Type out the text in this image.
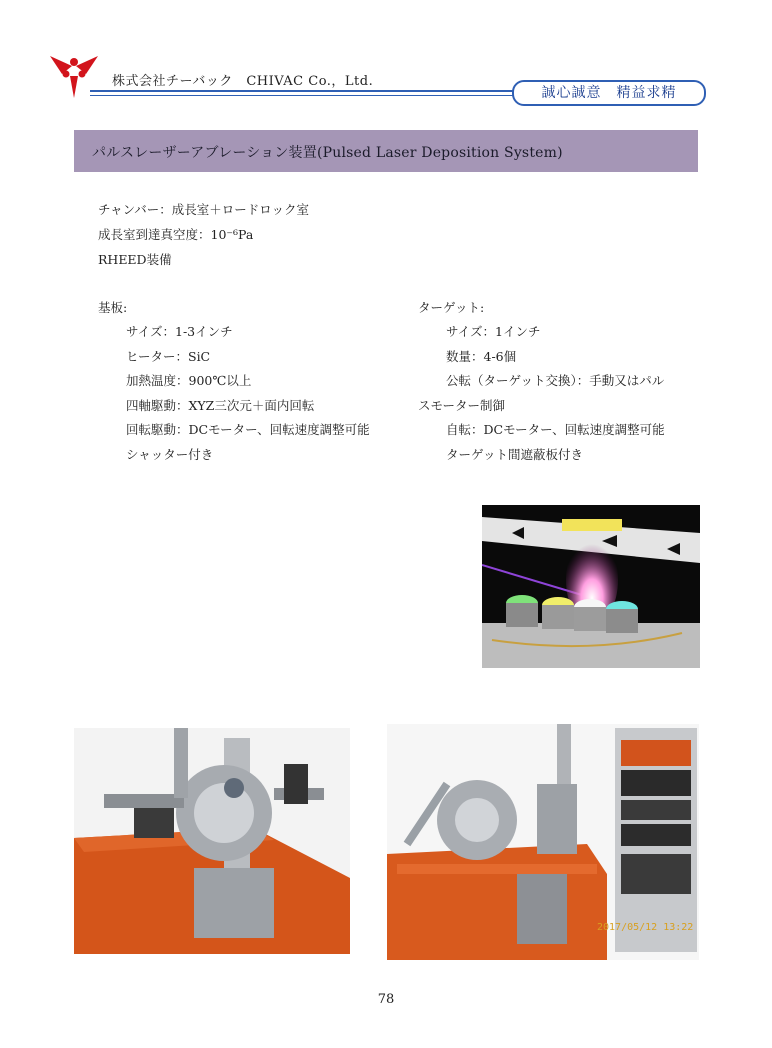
株式会社チーバック　CHIVAC Co.，Ltd.
誠心誠意　精益求精
パルスレーザーアブレーション装置(Pulsed Laser Deposition System)
チャンバー：成長室＋ロードロック室
成長室到達真空度：10⁻⁶Pa
RHEED装備
基板:
サイズ：1-3インチ
ヒーター：SiC
加熱温度：900℃以上
四軸駆動：XYZ三次元＋面内回転
回転駆動：DCモーター、回転速度調整可能
シャッター付き
ターゲット:
サイズ：1インチ
数量：4-6個
公転（ターゲット交換）：手動又はパル
スモーター制御
自転：DCモーター、回転速度調整可能
ターゲット間遮蔽板付き
2017/05/12 13:22
78
